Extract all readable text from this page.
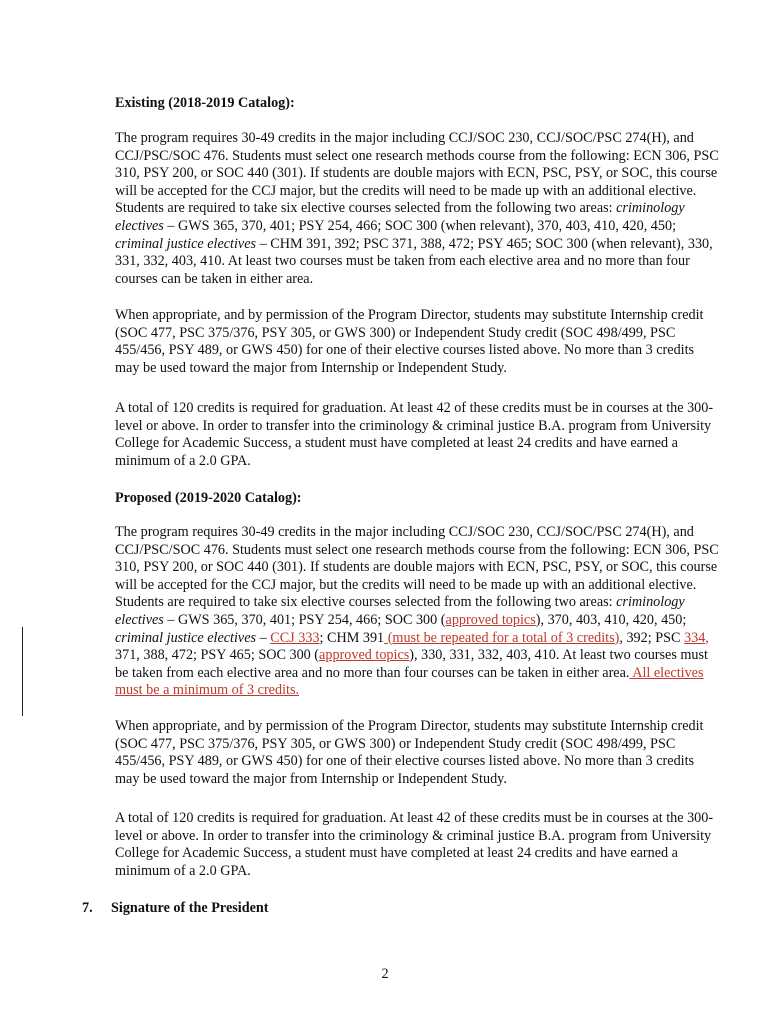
Existing (2018-2019 Catalog):
The program requires 30-49 credits in the major including CCJ/SOC 230, CCJ/SOC/PSC 274(H), and CCJ/PSC/SOC 476. Students must select one research methods course from the following: ECN 306, PSC 310, PSY 200, or SOC 440 (301). If students are double majors with ECN, PSC, PSY, or SOC, this course will be accepted for the CCJ major, but the credits will need to be made up with an additional elective. Students are required to take six elective courses selected from the following two areas: criminology electives – GWS 365, 370, 401; PSY 254, 466; SOC 300 (when relevant), 370, 403, 410, 420, 450; criminal justice electives – CHM 391, 392; PSC 371, 388, 472; PSY 465; SOC 300 (when relevant), 330, 331, 332, 403, 410. At least two courses must be taken from each elective area and no more than four courses can be taken in either area.
When appropriate, and by permission of the Program Director, students may substitute Internship credit (SOC 477, PSC 375/376, PSY 305, or GWS 300) or Independent Study credit (SOC 498/499, PSC 455/456, PSY 489, or GWS 450) for one of their elective courses listed above. No more than 3 credits may be used toward the major from Internship or Independent Study.
A total of 120 credits is required for graduation. At least 42 of these credits must be in courses at the 300-level or above. In order to transfer into the criminology & criminal justice B.A. program from University College for Academic Success, a student must have completed at least 24 credits and have earned a minimum of a 2.0 GPA.
Proposed (2019-2020 Catalog):
The program requires 30-49 credits in the major including CCJ/SOC 230, CCJ/SOC/PSC 274(H), and CCJ/PSC/SOC 476. Students must select one research methods course from the following: ECN 306, PSC 310, PSY 200, or SOC 440 (301). If students are double majors with ECN, PSC, PSY, or SOC, this course will be accepted for the CCJ major, but the credits will need to be made up with an additional elective. Students are required to take six elective courses selected from the following two areas: criminology electives – GWS 365, 370, 401; PSY 254, 466; SOC 300 (approved topics), 370, 403, 410, 420, 450; criminal justice electives – CCJ 333; CHM 391 (must be repeated for a total of 3 credits), 392; PSC 334, 371, 388, 472; PSY 465; SOC 300 (approved topics), 330, 331, 332, 403, 410. At least two courses must be taken from each elective area and no more than four courses can be taken in either area. All electives must be a minimum of 3 credits.
When appropriate, and by permission of the Program Director, students may substitute Internship credit (SOC 477, PSC 375/376, PSY 305, or GWS 300) or Independent Study credit (SOC 498/499, PSC 455/456, PSY 489, or GWS 450) for one of their elective courses listed above. No more than 3 credits may be used toward the major from Internship or Independent Study.
A total of 120 credits is required for graduation. At least 42 of these credits must be in courses at the 300-level or above. In order to transfer into the criminology & criminal justice B.A. program from University College for Academic Success, a student must have completed at least 24 credits and have earned a minimum of a 2.0 GPA.
7. Signature of the President
2
